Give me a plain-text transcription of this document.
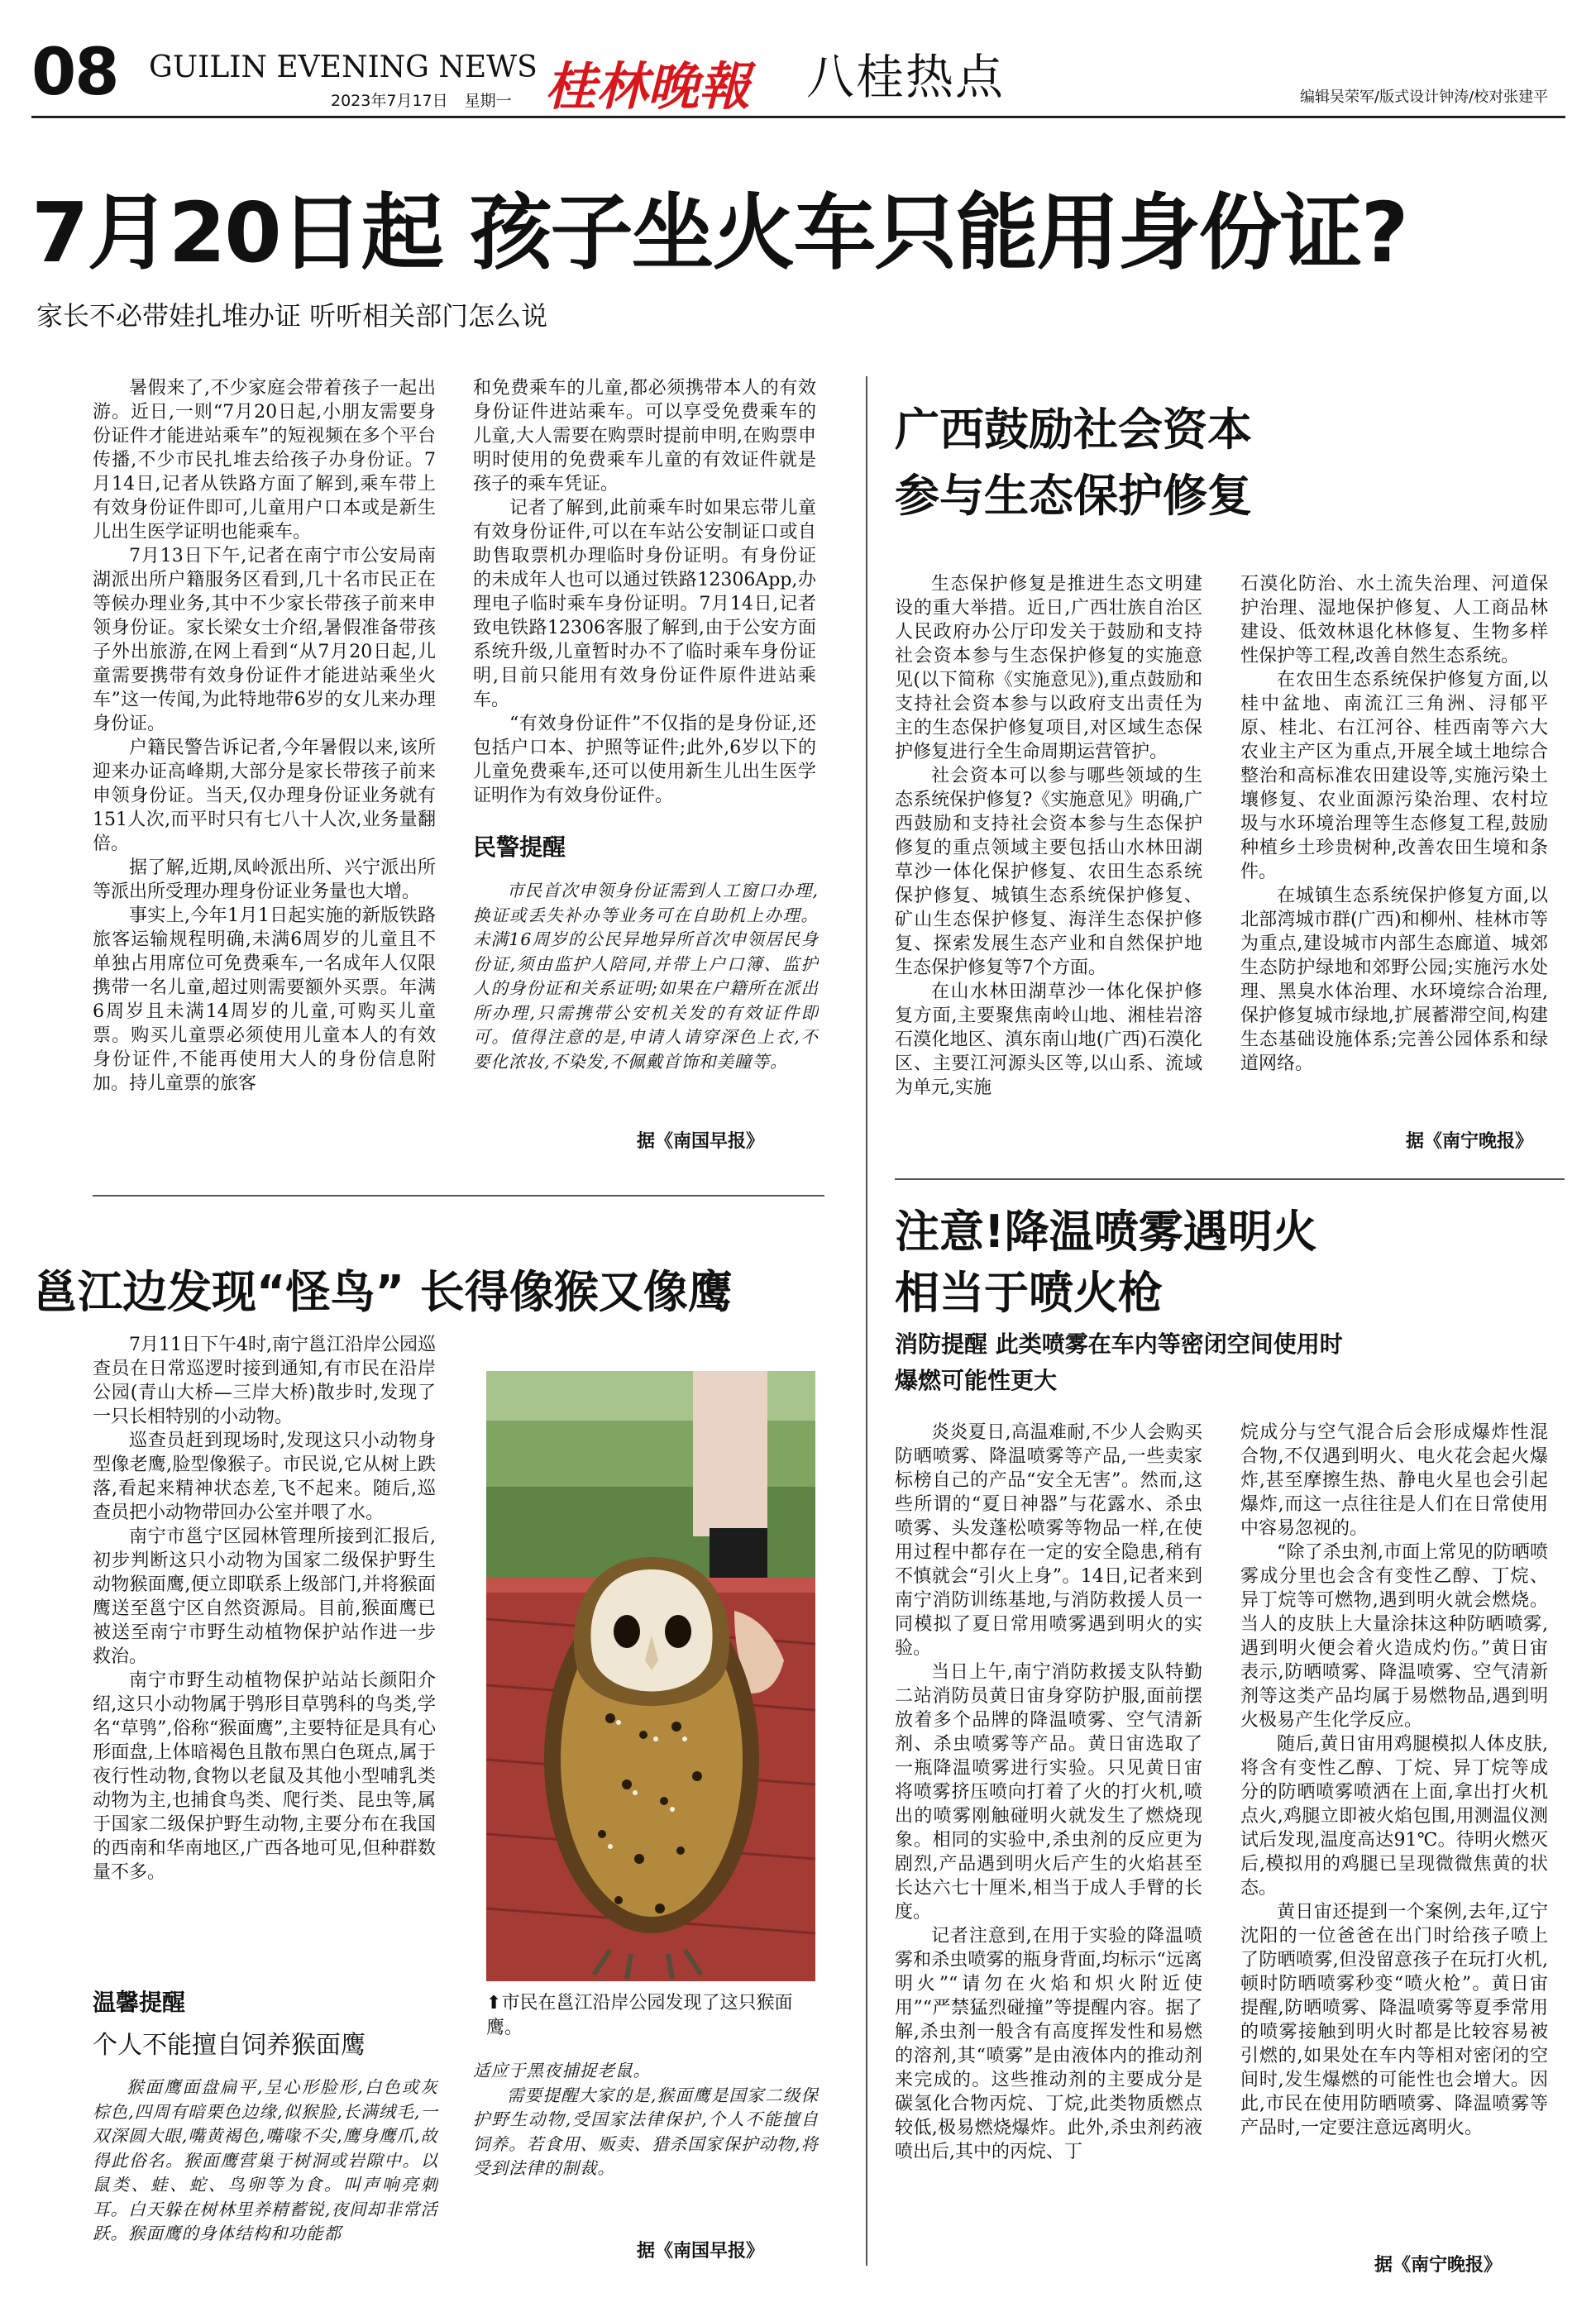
08 GUILIN EVENING NEWS
2023年7月17日 星期一 桂林晚報 八桂热点	编辑吴荣军/版式设计钟涛/校对张建平
7月20日起 孩子坐火车只能用身份证?
家长不必带娃扎堆办证 听听相关部门怎么说

暑假来了,不少家庭会带着孩子一起出游。近日,一则“7月20日起,小朋友需要身份证件才能进站乘车”的短视频在多个平台传播,不少市民扎堆去给孩子办身份证。7月14日,记者从铁路方面了解到,乘车带上有效身份证件即可,儿童用户口本或是新生儿出生医学证明也能乘车。

7月13日下午,记者在南宁市公安局南湖派出所户籍服务区看到,几十名市民正在等候办理业务,其中不少家长带孩子前来申领身份证。家长梁女士介绍,暑假准备带孩子外出旅游,在网上看到“从7月20日起,儿童需要携带有效身份证件才能进站乘坐火车”这一传闻,为此特地带6岁的女儿来办理身份证。

户籍民警告诉记者,今年暑假以来,该所迎来办证高峰期,大部分是家长带孩子前来申领身份证。当天,仅办理身份证业务就有151人次,而平时只有七八十人次,业务量翻倍。

据了解,近期,凤岭派出所、兴宁派出所等派出所受理办理身份证业务量也大增。

事实上,今年1月1日起实施的新版铁路旅客运输规程明确,未满6周岁的儿童且不单独占用席位可免费乘车,一名成年人仅限携带一名儿童,超过则需要额外买票。年满6周岁且未满14周岁的儿童,可购买儿童票。购买儿童票必须使用儿童本人的有效身份证件,不能再使用大人的身份信息附加。持儿童票的旅客

和免费乘车的儿童,都必须携带本人的有效身份证件进站乘车。可以享受免费乘车的儿童,大人需要在购票时提前申明,在购票申明时使用的免费乘车儿童的有效证件就是孩子的乘车凭证。

记者了解到,此前乘车时如果忘带儿童有效身份证件,可以在车站公安制证口或自助售取票机办理临时身份证明。有身份证的未成年人也可以通过铁路12306App,办理电子临时乘车身份证明。7月14日,记者致电铁路12306客服了解到,由于公安方面系统升级,儿童暂时办不了临时乘车身份证明,目前只能用有效身份证件原件进站乘车。

“有效身份证件”不仅指的是身份证,还包括户口本、护照等证件;此外,6岁以下的儿童免费乘车,还可以使用新生儿出生医学证明作为有效身份证件。

民警提醒

市民首次申领身份证需到人工窗口办理,换证或丢失补办等业务可在自助机上办理。未满16周岁的公民异地异所首次申领居民身份证,须由监护人陪同,并带上户口簿、监护人的身份证和关系证明;如果在户籍所在派出所办理,只需携带公安机关发的有效证件即可。值得注意的是,申请人请穿深色上衣,不要化浓妆,不染发,不佩戴首饰和美瞳等。

据《南国早报》
广西鼓励社会资本
参与生态保护修复

生态保护修复是推进生态文明建设的重大举措。近日,广西壮族自治区人民政府办公厅印发关于鼓励和支持社会资本参与生态保护修复的实施意见(以下简称《实施意见》),重点鼓励和支持社会资本参与以政府支出责任为主的生态保护修复项目,对区域生态保护修复进行全生命周期运营管护。

社会资本可以参与哪些领域的生态系统保护修复?《实施意见》明确,广西鼓励和支持社会资本参与生态保护修复的重点领域主要包括山水林田湖草沙一体化保护修复、农田生态系统保护修复、城镇生态系统保护修复、矿山生态保护修复、海洋生态保护修复、探索发展生态产业和自然保护地生态保护修复等7个方面。

在山水林田湖草沙一体化保护修复方面,主要聚焦南岭山地、湘桂岩溶石漠化地区、滇东南山地(广西)石漠化区、主要江河源头区等,以山系、流域为单元,实施

石漠化防治、水土流失治理、河道保护治理、湿地保护修复、人工商品林建设、低效林退化林修复、生物多样性保护等工程,改善自然生态系统。

在农田生态系统保护修复方面,以桂中盆地、南流江三角洲、浔郁平原、桂北、右江河谷、桂西南等六大农业主产区为重点,开展全域土地综合整治和高标准农田建设等,实施污染土壤修复、农业面源污染治理、农村垃圾与水环境治理等生态修复工程,鼓励种植乡土珍贵树种,改善农田生境和条件。

在城镇生态系统保护修复方面,以北部湾城市群(广西)和柳州、桂林市等为重点,建设城市内部生态廊道、城郊生态防护绿地和郊野公园;实施污水处理、黑臭水体治理、水环境综合治理,保护修复城市绿地,扩展蓄滞空间,构建生态基础设施体系;完善公园体系和绿道网络。

据《南宁晚报》
邕江边发现“怪鸟” 长得像猴又像鹰

7月11日下午4时,南宁邕江沿岸公园巡查员在日常巡逻时接到通知,有市民在沿岸公园(青山大桥—三岸大桥)散步时,发现了一只长相特别的小动物。

巡查员赶到现场时,发现这只小动物身型像老鹰,脸型像猴子。市民说,它从树上跌落,看起来精神状态差,飞不起来。随后,巡查员把小动物带回办公室并喂了水。

南宁市邕宁区园林管理所接到汇报后,初步判断这只小动物为国家二级保护野生动物猴面鹰,便立即联系上级部门,并将猴面鹰送至邕宁区自然资源局。目前,猴面鹰已被送至南宁市野生动植物保护站作进一步救治。

南宁市野生动植物保护站站长颜阳介绍,这只小动物属于鸮形目草鸮科的鸟类,学名“草鸮”,俗称“猴面鹰”,主要特征是具有心形面盘,上体暗褐色且散布黑白色斑点,属于夜行性动物,食物以老鼠及其他小型哺乳类动物为主,也捕食鸟类、爬行类、昆虫等,属于国家二级保护野生动物,主要分布在我国的西南和华南地区,广西各地可见,但种群数量不多。

⬆市民在邕江沿岸公园发现了这只猴面鹰。
温馨提醒
个人不能擅自饲养猴面鹰

猴面鹰面盘扁平,呈心形脸形,白色或灰棕色,四周有暗栗色边缘,似猴脸,长满绒毛,一双深圆大眼,嘴黄褐色,嘴喙不尖,鹰身鹰爪,故得此俗名。猴面鹰营巢于树洞或岩隙中。以鼠类、蛙、蛇、鸟卵等为食。叫声响亮刺耳。白天躲在树林里养精蓄锐,夜间却非常活跃。猴面鹰的身体结构和功能都

适应于黑夜捕捉老鼠。

需要提醒大家的是,猴面鹰是国家二级保护野生动物,受国家法律保护,个人不能擅自饲养。若食用、贩卖、猎杀国家保护动物,将受到法律的制裁。

据《南国早报》
注意!降温喷雾遇明火
相当于喷火枪
消防提醒 此类喷雾在车内等密闭空间使用时
爆燃可能性更大

炎炎夏日,高温难耐,不少人会购买防晒喷雾、降温喷雾等产品,一些卖家标榜自己的产品“安全无害”。然而,这些所谓的“夏日神器”与花露水、杀虫喷雾、头发蓬松喷雾等物品一样,在使用过程中都存在一定的安全隐患,稍有不慎就会“引火上身”。14日,记者来到南宁消防训练基地,与消防救援人员一同模拟了夏日常用喷雾遇到明火的实验。

当日上午,南宁消防救援支队特勤二站消防员黄日宙身穿防护服,面前摆放着多个品牌的降温喷雾、空气清新剂、杀虫喷雾等产品。黄日宙选取了一瓶降温喷雾进行实验。只见黄日宙将喷雾挤压喷向打着了火的打火机,喷出的喷雾刚触碰明火就发生了燃烧现象。相同的实验中,杀虫剂的反应更为剧烈,产品遇到明火后产生的火焰甚至长达六七十厘米,相当于成人手臂的长度。

记者注意到,在用于实验的降温喷雾和杀虫喷雾的瓶身背面,均标示“远离明火”“请勿在火焰和炽火附近使用”“严禁猛烈碰撞”等提醒内容。据了解,杀虫剂一般含有高度挥发性和易燃的溶剂,其“喷雾”是由液体内的推动剂来完成的。这些推动剂的主要成分是碳氢化合物丙烷、丁烷,此类物质燃点较低,极易燃烧爆炸。此外,杀虫剂药液喷出后,其中的丙烷、丁

烷成分与空气混合后会形成爆炸性混合物,不仅遇到明火、电火花会起火爆炸,甚至摩擦生热、静电火星也会引起爆炸,而这一点往往是人们在日常使用中容易忽视的。

“除了杀虫剂,市面上常见的防晒喷雾成分里也会含有变性乙醇、丁烷、异丁烷等可燃物,遇到明火就会燃烧。当人的皮肤上大量涂抹这种防晒喷雾,遇到明火便会着火造成灼伤。”黄日宙表示,防晒喷雾、降温喷雾、空气清新剂等这类产品均属于易燃物品,遇到明火极易产生化学反应。

随后,黄日宙用鸡腿模拟人体皮肤,将含有变性乙醇、丁烷、异丁烷等成分的防晒喷雾喷洒在上面,拿出打火机点火,鸡腿立即被火焰包围,用测温仪测试后发现,温度高达91℃。待明火燃灭后,模拟用的鸡腿已呈现微微焦黄的状态。

黄日宙还提到一个案例,去年,辽宁沈阳的一位爸爸在出门时给孩子喷上了防晒喷雾,但没留意孩子在玩打火机,顿时防晒喷雾秒变“喷火枪”。黄日宙提醒,防晒喷雾、降温喷雾等夏季常用的喷雾接触到明火时都是比较容易被引燃的,如果处在车内等相对密闭的空间时,发生爆燃的可能性也会增大。因此,市民在使用防晒喷雾、降温喷雾等产品时,一定要注意远离明火。

据《南宁晚报》
